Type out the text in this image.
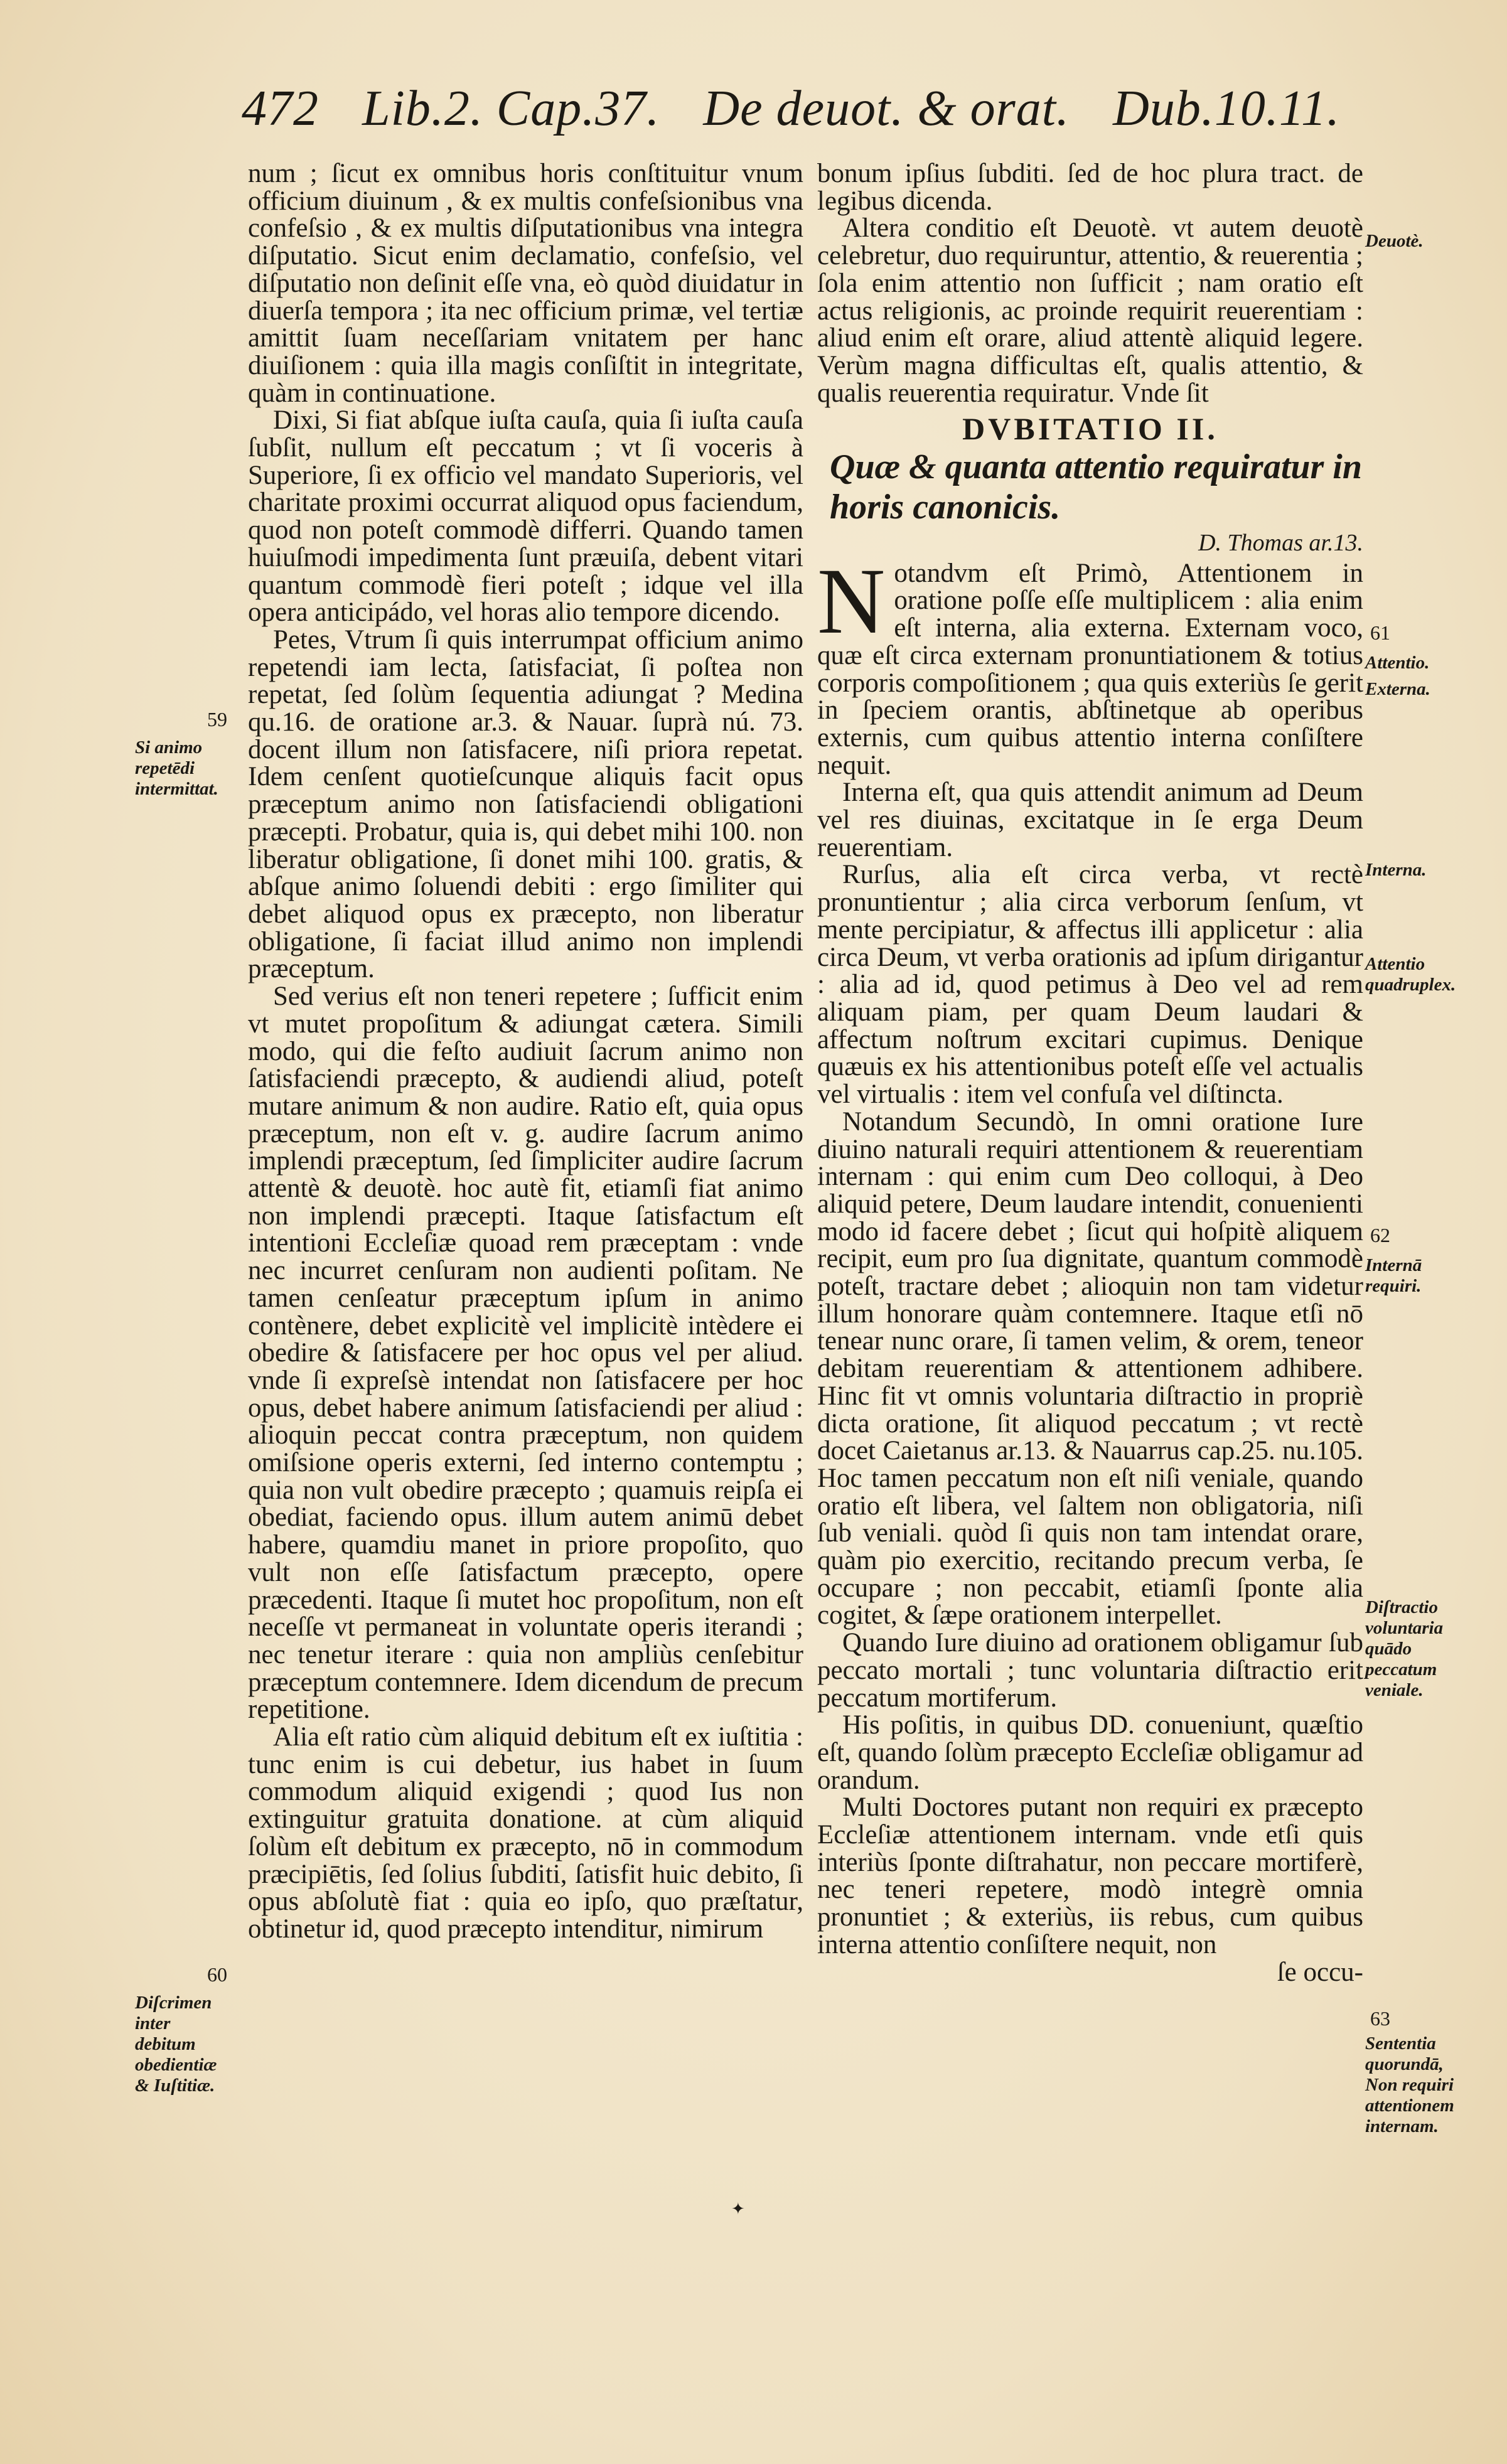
472 Lib.2. Cap.37. De deuot. & orat. Dub.10.11.

num ; ſicut ex omnibus horis conſtituitur vnum officium diuinum , & ex multis confeſsionibus vna confeſsio , & ex multis diſputationibus vna integra diſputatio. Sicut enim declamatio, confeſsio, vel diſputatio non deſinit eſſe vna, eò quòd diuidatur in diuerſa tempora ; ita nec officium primæ, vel tertiæ amittit ſuam neceſſariam vnitatem per hanc diuiſionem : quia illa magis conſiſtit in integritate, quàm in continuatione.

Dixi, Si fiat abſque iuſta cauſa, quia ſi iuſta cauſa ſubſit, nullum eſt peccatum ; vt ſi voceris à Superiore, ſi ex officio vel mandato Superioris, vel charitate proximi occurrat aliquod opus faciendum, quod non poteſt commodè differri. Quando tamen huiuſmodi impedimenta ſunt præuiſa, debent vitari quantum commodè fieri poteſt ; idque vel illa opera anticipádo, vel horas alio tempore dicendo.

Petes, Vtrum ſi quis interrumpat officium animo repetendi iam lecta, ſatisfaciat, ſi poſtea non repetat, ſed ſolùm ſequentia adiungat ? Medina qu.16. de oratione ar.3. & Nauar. ſuprà nú. 73. docent illum non ſatisfacere, niſi priora repetat. Idem cenſent quotieſcunque aliquis facit opus præceptum animo non ſatisfaciendi obligationi præcepti. Probatur, quia is, qui debet mihi 100. non liberatur obligatione, ſi donet mihi 100. gratis, & abſque animo ſoluendi debiti : ergo ſimiliter qui debet aliquod opus ex præcepto, non liberatur obligatione, ſi faciat illud animo non implendi præceptum.

Sed verius eſt non teneri repetere ; ſufficit enim vt mutet propoſitum & adiungat cætera. Simili modo, qui die feſto audiuit ſacrum animo non ſatisfaciendi præcepto, & audiendi aliud, poteſt mutare animum & non audire. Ratio eſt, quia opus præceptum, non eſt v. g. audire ſacrum animo implendi præceptum, ſed ſimpliciter audire ſacrum attentè & deuotè. hoc autè fit, etiamſi fiat animo non implendi præcepti. Itaque ſatisfactum eſt intentioni Eccleſiæ quoad rem præceptam : vnde nec incurret cenſuram non audienti poſitam. Ne tamen cenſeatur præceptum ipſum in animo contènere, debet explicitè vel implicitè intèdere ei obedire & ſatisfacere per hoc opus vel per aliud. vnde ſi expreſsè intendat non ſatisfacere per hoc opus, debet habere animum ſatisfaciendi per aliud : alioquin peccat contra præceptum, non quidem omiſsione operis externi, ſed interno contemptu ; quia non vult obedire præcepto ; quamuis reipſa ei obediat, faciendo opus. illum autem animū debet habere, quamdiu manet in priore propoſito, quo vult non eſſe ſatisfactum præcepto, opere præcedenti. Itaque ſi mutet hoc propoſitum, non eſt neceſſe vt permaneat in voluntate operis iterandi ; nec tenetur iterare : quia non ampliùs cenſebitur præceptum contemnere. Idem dicendum de precum repetitione.

Alia eſt ratio cùm aliquid debitum eſt ex iuſtitia : tunc enim is cui debetur, ius habet in ſuum commodum aliquid exigendi ; quod Ius non extinguitur gratuita donatione. at cùm aliquid ſolùm eſt debitum ex præcepto, nō in commodum præcipiētis, ſed ſolius ſubditi, ſatisfit huic debito, ſi opus abſolutè fiat : quia eo ipſo, quo præſtatur, obtinetur id, quod præcepto intenditur, nimirum

bonum ipſius ſubditi. ſed de hoc plura tract. de legibus dicenda.

Altera conditio eſt Deuotè. vt autem deuotè celebretur, duo requiruntur, attentio, & reuerentia ; ſola enim attentio non ſufficit ; nam oratio eſt actus religionis, ac proinde requirit reuerentiam : aliud enim eſt orare, aliud attentè aliquid legere. Verùm magna difficultas eſt, qualis attentio, & qualis reuerentia requiratur. Vnde ſit

DVBITATIO II.
Quæ & quanta attentio requiratur in horis canonicis.
D. Thomas ar.13.

Notandvm eſt Primò, Attentionem in oratione poſſe eſſe multiplicem : alia enim eſt interna, alia externa. Externam voco, quæ eſt circa externam pronuntiationem & totius corporis compoſitionem ; qua quis exteriùs ſe gerit in ſpeciem orantis, abſtinetque ab operibus externis, cum quibus attentio interna conſiſtere nequit.

Interna eſt, qua quis attendit animum ad Deum vel res diuinas, excitatque in ſe erga Deum reuerentiam.

Rurſus, alia eſt circa verba, vt rectè pronuntientur ; alia circa verborum ſenſum, vt mente percipiatur, & affectus illi applicetur : alia circa Deum, vt verba orationis ad ipſum dirigantur : alia ad id, quod petimus à Deo vel ad rem aliquam piam, per quam Deum laudari & affectum noſtrum excitari cupimus. Denique quæuis ex his attentionibus poteſt eſſe vel actualis vel virtualis : item vel confuſa vel diſtincta.

Notandum Secundò, In omni oratione Iure diuino naturali requiri attentionem & reuerentiam internam : qui enim cum Deo colloqui, à Deo aliquid petere, Deum laudare intendit, conuenienti modo id facere debet ; ſicut qui hoſpitè aliquem recipit, eum pro ſua dignitate, quantum commodè poteſt, tractare debet ; alioquin non tam videtur illum honorare quàm contemnere. Itaque etſi nō tenear nunc orare, ſi tamen velim, & orem, teneor debitam reuerentiam & attentionem adhibere. Hinc fit vt omnis voluntaria diſtractio in propriè dicta oratione, ſit aliquod peccatum ; vt rectè docet Caietanus ar.13. & Nauarrus cap.25. nu.105. Hoc tamen peccatum non eſt niſi veniale, quando oratio eſt libera, vel ſaltem non obligatoria, niſi ſub veniali. quòd ſi quis non tam intendat orare, quàm pio exercitio, recitando precum verba, ſe occupare ; non peccabit, etiamſi ſponte alia cogitet, & ſæpe orationem interpellet.

Quando Iure diuino ad orationem obligamur ſub peccato mortali ; tunc voluntaria diſtractio erit peccatum mortiferum.

His poſitis, in quibus DD. conueniunt, quæſtio eſt, quando ſolùm præcepto Eccleſiæ obligamur ad orandum.

Multi Doctores putant non requiri ex præcepto Eccleſiæ attentionem internam. vnde etſi quis interiùs ſponte diſtrahatur, non peccare mortiferè, nec teneri repetere, modò integrè omnia pronuntiet ; & exteriùs, iis rebus, cum quibus interna attentio conſiſtere nequit, non

ſe occu-

59
Si animo repetēdi intermittat.
60
Diſcrimen inter debitum obedientiæ & Iuſtitiæ.
Deuotè.
61
Attentio.
Externa.
Interna.
Attentio quadruplex.
62
Internā requiri.
Diſtractio voluntaria quādo peccatum veniale.
63
Sententia quorundā, Non requiri attentionem internam.
✦
